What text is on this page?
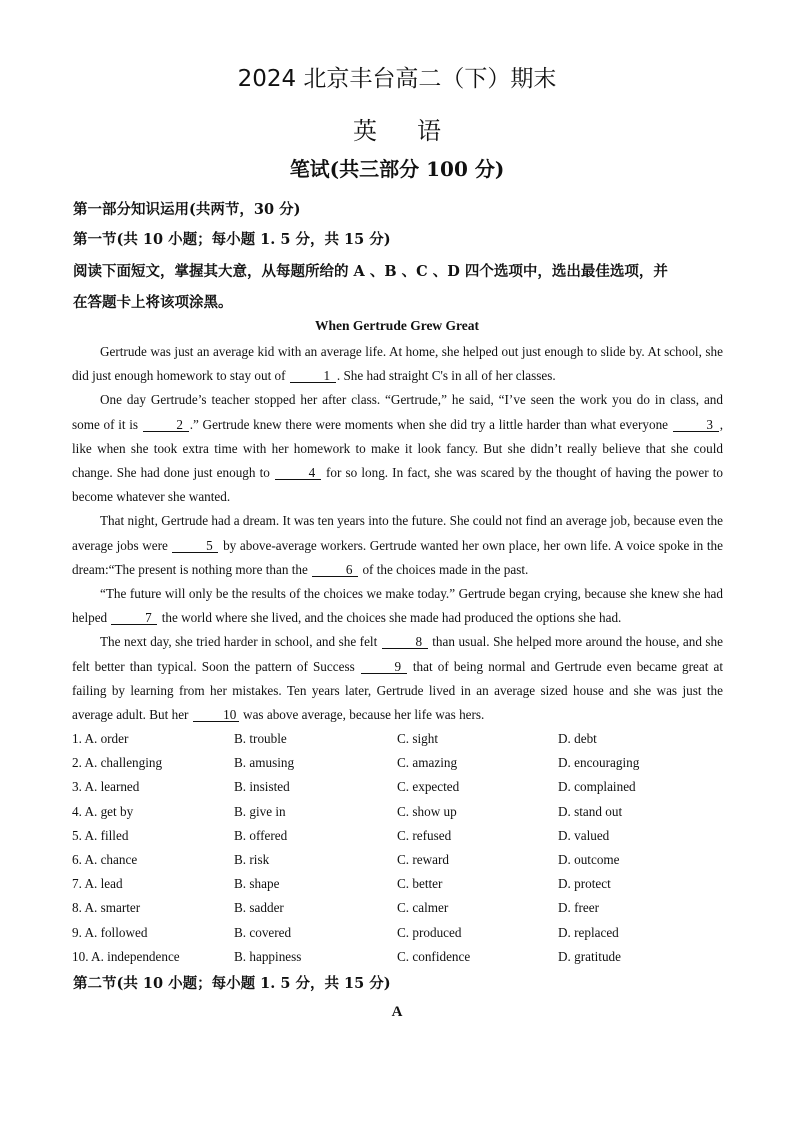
2024 北京丰台高二（下）期末
英语
笔试(共三部分 100 分)
第一部分知识运用(共两节，30 分)
第一节(共 10 小题；每小题 1. 5 分，共 15 分)
阅读下面短文，掌握其大意，从每题所给的 A 、B 、C 、D 四个选项中，选出最佳选项，并
在答题卡上将该项涂黑。
When Gertrude Grew Great

Gertrude was just an average kid with an average life. At home, she helped out just enough to slide by. At school, she did just enough homework to stay out of	1 . She had straight C's in all of her classes.

One day Gertrude’s teacher stopped her after class. “Gertrude,” he said, “I’ve seen the work you do in class, and some of it is	2 .” Gertrude knew there were moments when she did try a little harder than what everyone	3 , like when she took extra time with her homework to make it look fancy. But she didn’t really believe that she could change. She had done just enough to	4 for so long. In fact, she was scared by the thought of having the power to become whatever she wanted.

That night, Gertrude had a dream. It was ten years into the future. She could not find an average job, because even the average jobs were	5 by above-average workers. Gertrude wanted her own place, her own life. A voice spoke in the dream:“The present is nothing more than the	6 of the choices made in the past.

“The future will only be the results of the choices we make today.” Gertrude began crying, because she knew she had helped	7 the world where she lived, and the choices she made had produced the options she had.

The next day, she tried harder in school, and she felt	8 than usual. She helped more around the house, and she felt better than typical. Soon the pattern of Success	9 that of being normal and Gertrude even became great at failing by learning from her mistakes. Ten years later, Gertrude lived in an average sized house and she was just the average adult. But her 10 was above average, because her life was hers.

1. A. order	B. trouble	C. sight	D. debt
2. A. challenging	B. amusing	C. amazing	D. encouraging
3. A. learned	B. insisted	C. expected	D. complained
4. A. get by	B. give in	C. show up	D. stand out
5. A. filled	B. offered	C. refused	D. valued
6. A. chance	B. risk	C. reward	D. outcome
7. A. lead	B. shape	C. better	D. protect
8. A. smarter	B. sadder	C. calmer	D. freer
9. A. followed	B. covered	C. produced	D. replaced
10. A. independence	B. happiness	C. confidence	D. gratitude
第二节(共 10 小题；每小题 1. 5 分，共 15 分)
A
